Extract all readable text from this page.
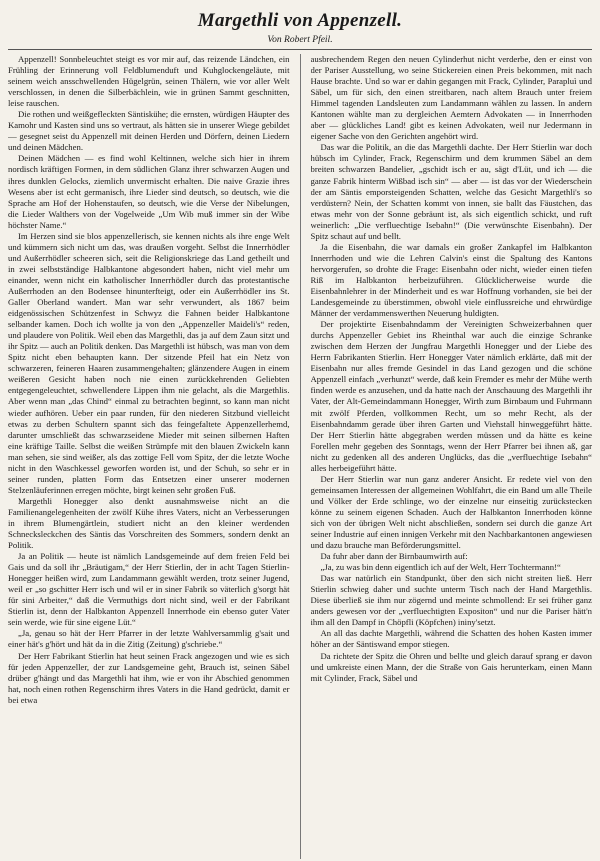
Margethli von Appenzell.
Von Robert Pfeil.

Appenzell! Sonnbeleuchtet steigt es vor mir auf, das reizende Ländchen, ein Frühling der Erinnerung voll Feldblumenduft und Kuhglockengeläute, mit seinem weich ansschwellenden Hügelgrün, seinen Thälern, wie vor aller Welt verschlossen, in denen die Silberbächlein, wie in grünen Sammt geschnitten, leise rauschen.

Die rothen und weißgefleckten Säntiskühe; die ernsten, würdigen Häupter des Kamohr und Kasten sind uns so vertraut, als hätten sie in unserer Wiege gebildet — gesegnet seist du Appenzell mit deinen Herden und Dörfern, deinen Liedern und deinen Mädchen.

Deinen Mädchen — es find wohl Keltinnen, welche sich hier in ihrem nordisch kräftigen Formen, in dem südlichen Glanz ihrer schwarzen Augen und ihres dunklen Gelocks, ziemlich unvermischt erhalten. Die naive Grazie ihres Wesens aber ist echt germanisch, ihre Lieder sind deutsch, so deutsch, wie die Sprache am Hof der Hohenstaufen, so deutsch, wie die Verse der Nibelungen, die Lieder Walthers von der Vogelweide „Um Wib muß immer sin der Wibe höchster Name.“

Im Herzen sind sie blos appenzellerisch, sie kennen nichts als ihre enge Welt und kümmern sich nicht um das, was draußen vorgeht. Selbst die Innerrhödler und Außerrhödler scheeren sich, seit die Religionskriege das Land getheilt und in zwei selbstständige Halbkantone abgesondert haben, nicht viel mehr um einander, wenn nicht ein katholischer Innerrhödler durch das protestantische Außerrhoden an den Bodensee hinunterfteigt, oder ein Außerrhödler ins St. Galler Oberland wandert. Man war sehr verwundert, als 1867 beim eidgenössischen Schützenfest in Schwyz die Fahnen beider Halbkantone selbander kamen. Doch ich wollte ja von den „Appenzeller Maideli's“ reden, und plaudere von Politik. Weil eben das Margethli, das ja auf dem Zaun sitzt und ihr Spitz — auch an Politik denken. Das Margethli ist hübsch, was man von dem Spitz nicht eben behaupten kann. Der sitzende Pfeil hat ein Netz von schwarzeren, feineren Haaren zusammengehalten; glänzendere Augen in einem weißeren Gesicht haben noch nie einen zurückkehrenden Geliebten entgegengeleuchtet, schwellendere Lippen ihm nie gelacht, als die Margethlis. Aber wenn man „das Chind“ einmal zu betrachten beginnt, so kann man nicht wieder aufhören. Ueber ein paar runden, für den niederen Sitzbund vielleicht etwas zu derben Schultern spannt sich das feingefaltete Appenzellerhemd, darunter umschließt das schwarzseidene Mieder mit seinen silbernen Haften eine kräftige Taille. Selbst die weißen Strümpfe mit den blauen Zwickeln kann man sehen, sie sind weißer, als das zottige Fell vom Spitz, der die letzte Woche nicht in den Waschkessel geworfen worden ist, und der Schuh, so sehr er in seiner runden, platten Form das Entsetzen einer unserer modernen Stelzenläuferinnen erregen möchte, birgt keinen sehr großen Fuß.

Margethli Honegger also denkt ausnahmsweise nicht an die Familienangelegenheiten der zwölf Kühe ihres Vaters, nicht an Verbesserungen in ihrem Blumengärtlein, studiert nicht an den kleiner werdenden Schnecksleckchen des Säntis das Vorschreiten des Sommers, sondern denkt an Politik.

Ja an Politik — heute ist nämlich Landsgemeinde auf dem freien Feld bei Gais und da soll ihr „Bräutigam,“ der Herr Stierlin, der in acht Tagen Stierlin-Honegger heißen wird, zum Landammann gewählt werden, trotz seiner Jugend, weil er „so gschitter Herr isch und wil er in siner Fabrik so väterlich g'sorgt hät für sini Arbeiter,“ daß die Vermuthigs dort nicht sind, weil er der Fabrikant Stierlin ist, denn der Halbkanton Appenzell Innerrhode ein ebenso guter Vater sein werde, wie für sine eigene Lüt.“

„Ja, genau so hät der Herr Pfarrer in der letzte Wahlversammlig g'sait und einer hät's g'hört und hät da in die Zitig (Zeitung) g'schriebe.“

Der Herr Fabrikant Stierlin hat heut seinen Frack angezogen und wie es sich für jeden Appenzeller, der zur Landsgemeine geht, Brauch ist, seinen Säbel drüber g'hängt und das Margethli hat ihm, wie er von ihr Abschied genommen hat, noch einen rothen Regenschirm ihres Vaters in die Hand gedrückt, damit er bei etwa

ausbrechendem Regen den neuen Cylinderhut nicht verderbe, den er einst von der Pariser Ausstellung, wo seine Stickereien einen Preis bekommen, mit nach Hause brachte. Und so war er dahin gegangen mit Frack, Cylinder, Parapluì und Säbel, um für sich, den einen streitbaren, nach altem Brauch unter freiem Himmel tagenden Landsleuten zum Landammann wählen zu lassen. In andern Kantonen wählte man zu dergleichen Aemtern Advokaten — in Innerrhoden aber — glückliches Land! gibt es keinen Advokaten, weil nur Jedermann in eigener Sache von den Gerichten angehört wird.

Das war die Politik, an die das Margethli dachte. Der Herr Stierlin war doch hübsch im Cylinder, Frack, Regenschirm und dem krummen Säbel an dem breiten schwarzen Bandelier, „gschidt isch er au, sägt d'Lüt, und ich — die ganze Fabrik hinterm Wißbad isch sin“ — aber — ist das vor der Wiederschein der am Säntis emporsteigenden Schatten, welche das Gesicht Margethli's so verdüstern? Nein, der Schatten kommt von innen, sie ballt das Fäustchen, das etwas mehr von der Sonne gebräunt ist, als sich eigentlich schickt, und ruft weinerlich: „Die verfluechtige Isebahn!“ (Die verwünschte Eisenbahn). Der Spitz schaut auf und bellt.

Ja die Eisenbahn, die war damals ein großer Zankapfel im Halbkanton Innerrhoden und wie die Lehren Calvin's einst die Spaltung des Kantons hervorgerufen, so drohte die Frage: Eisenbahn oder nicht, wieder einen tiefen Riß im Halbkanton herbeizuführen. Glücklicherweise wurde die Eisenbahnlehrer in der Minderheit und es war Hoffnung vorhanden, sie bei der Landesgemeinde zu überstimmen, obwohl viele einflussreiche und ehrwürdige Männer der verdammenswerthen Neuerung huldigten.

Der projektirte Eisenbahndamm der Vereinigten Schweizerbahnen quer durchs Appenzeller Gebiet ins Rheinthal war auch die einzige Schranke zwischen dem Herzen der Jungfrau Margethli Honegger und der Liebe des Herrn Fabrikanten Stierlin. Herr Honegger Vater nämlich erklärte, daß mit der Eisenbahn nur alles fremde Gesindel in das Land gezogen und die schöne Appenzell einfach „verhunzt“ werde, daß kein Fremder es mehr der Mühe werth finden werde es anzusehen, und da hatte nach der Anschauung des Margethli ihr Vater, der Alt-Gemeindammann Honegger, Wirth zum Birnbaum und Fuhrmann mit zwölf Pferden, vollkommen Recht, um so mehr Recht, als der Eisenbahndamm gerade über ihren Garten und Viehstall hinweggeführt hätte. Der Herr Stierlin hätte abgegraben werden müssen und da hätte es keine Forellen mehr gegeben des Sonntags, wenn der Herr Pfarrer bei ihnen aß, gar nicht zu gedenken all des anderen Unglücks, das die „verfluechtige Isebahn“ alles herbeigeführt hätte.

Der Herr Stierlin war nun ganz anderer Ansicht. Er redete viel von den gemeinsamen Interessen der allgemeinen Wohlfahrt, die ein Band um alle Theile und Völker der Erde schlinge, wo der einzelne nur einseitig zurückstecken könne zu seinem eigenen Schaden. Auch der Halbkanton Innerrhoden könne sich von der übrigen Welt nicht abschließen, sondern sei durch die ganze Art seiner Industrie auf einen innigen Verkehr mit den Nachbarkantonen angewiesen und dazu brauche man Beförderungsmittel.

Da fuhr aber dann der Birnbaumwirth auf:

„Ja, zu was bin denn eigentlich ich auf der Welt, Herr Tochtermann!“

Das war natürlich ein Standpunkt, über den sich nicht streiten ließ. Herr Stierlin schwieg daher und suchte unterm Tisch nach der Hand Margethlis. Diese überließ sie ihm nur zögernd und meinte schmollend: Er sei früher ganz anders gewesen vor der „verfluechtigten Expositon“ und nur die Pariser hätt'n ihm all den Dampf in Chöpfli (Köpfchen) ininy'setzt.

An all das dachte Margethli, während die Schatten des hohen Kasten immer höher an der Säntiswand empor stiegen.

Da richtete der Spitz die Ohren und bellte und gleich darauf sprang er davon und umkreiste einen Mann, der die Straße von Gais herunterkam, einen Mann mit Cylinder, Frack, Säbel und
